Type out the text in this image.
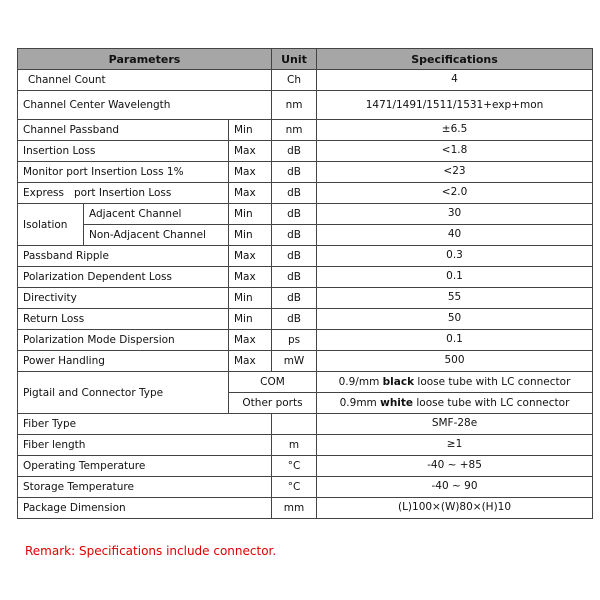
Parameters			Unit	Specifications
Channel Count			Ch	4
Channel Center Wavelength			nm	1471/1491/1511/1531+exp+mon
Channel Passband		Min	nm	±6.5
Insertion Loss		Max	dB	<1.8
Monitor port Insertion Loss 1%		Max	dB	<23
Express   port Insertion Loss		Max	dB	<2.0
Isolation	Adjacent Channel	Min	dB	30
	Non-Adjacent Channel	Min	dB	40
Passband Ripple		Max	dB	0.3
Polarization Dependent Loss		Max	dB	0.1
Directivity		Min	dB	55
Return Loss		Min	dB	50
Polarization Mode Dispersion		Max	ps	0.1
Power Handling		Max	mW	500
Pigtail and Connector Type		COM		0.9/mm black loose tube with LC connector
		Other ports		0.9mm white loose tube with LC connector
Fiber Type				SMF-28e
Fiber length			m	≥1
Operating Temperature			°C	-40 ~ +85
Storage Temperature			°C	-40 ~ 90
Package Dimension			mm	(L)100×(W)80×(H)10
Remark: Specifications include connector.
